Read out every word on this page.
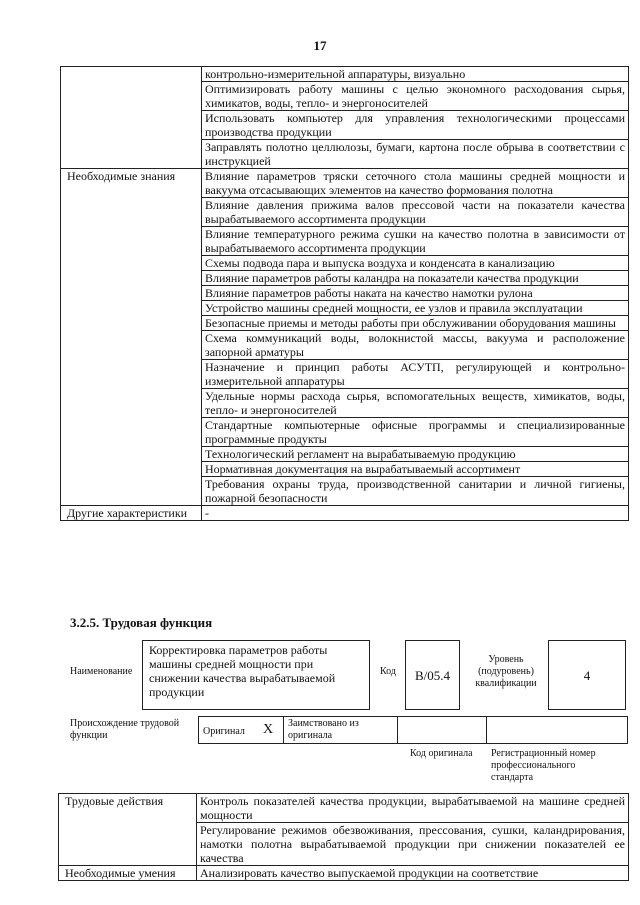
17
	контрольно-измерительной аппаратуры, визуально
	Оптимизировать работу машины с целью экономного расходования сырья, химикатов, воды, тепло- и энергоносителей
	Использовать компьютер для управления технологическими процессами производства продукции
	Заправлять полотно целлюлозы, бумаги, картона после обрыва в соответствии с инструкцией
Необходимые знания	Влияние параметров тряски сеточного стола машины средней мощности и вакуума отсасывающих элементов на качество формования полотна
	Влияние давления прижима валов прессовой части на показатели качества вырабатываемого ассортимента продукции
	Влияние температурного режима сушки на качество полотна в зависимости от вырабатываемого ассортимента продукции
	Схемы подвода пара и выпуска воздуха и конденсата в канализацию
	Влияние параметров работы каландра на показатели качества продукции
	Влияние параметров работы наката на качество намотки рулона
	Устройство машины средней мощности, ее узлов и правила эксплуатации
	Безопасные приемы и методы работы при обслуживании оборудования машины
	Схема коммуникаций воды, волокнистой массы, вакуума и расположение запорной арматуры
	Назначение и принцип работы АСУТП, регулирующей и контрольно-измерительной аппаратуры
	Удельные нормы расхода сырья, вспомогательных веществ, химикатов, воды, тепло- и энергоносителей
	Стандартные компьютерные офисные программы и специализированные программные продукты
	Технологический регламент на вырабатываемую продукцию
	Нормативная документация на вырабатываемый ассортимент
	Требования охраны труда, производственной санитарии и личной гигиены, пожарной безопасности
Другие характеристики	-
3.2.5. Трудовая функция
Наименование
Корректировка параметров работы машины средней мощности при снижении качества вырабатываемой продукции
Код	B/05.4
Уровень (подуровень) квалификации
4
Происхождение трудовой функции	Оригинал X Заимствовано из оригинала
Код оригинала Регистрационный номер профессионального стандарта
Трудовые действия	Контроль показателей качества продукции, вырабатываемой на машине средней мощности
	Регулирование режимов обезвоживания, прессования, сушки, каландрирования, намотки полотна вырабатываемой продукции при снижении показателей ее качества
Необходимые умения	Анализировать качество выпускаемой продукции на соответствие
